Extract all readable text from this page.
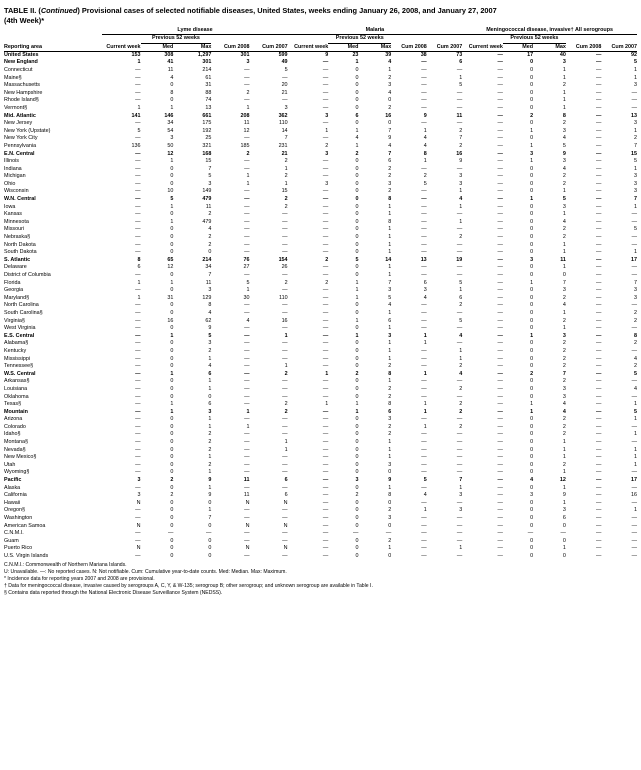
TABLE II. (Continued) Provisional cases of selected notifiable diseases, United States, weeks ending January 26, 2008, and January 27, 2007
(4th Week)*
	Lyme disease					Malaria					Meningococcal disease, invasive† All serogroups				
		Previous 52 weeks					Previous 52 weeks					Previous 52 weeks			
Reporting area	Current week	Med	Max	Cum 2008	Cum 2007	Current week	Med	Max	Cum 2008	Cum 2007	Current week	Med	Max	Cum 2008	Cum 2007
United States	153	308	1,297	301	599	9	23	39	38	73	—	17	40	—	92
New England	1	41	301	3	49	—	1	4	—	6	—	0	3	—	5
Connecticut	—	11	214	—	5	—	0	1	—	—	—	0	1	—	1
Maine§	—	4	61	—	—	—	0	2	—	1	—	0	1	—	1
Massachusetts	—	0	31	—	20	—	0	3	—	5	—	0	2	—	3
New Hampshire	—	8	88	2	21	—	0	4	—	—	—	0	1	—	—
Rhode Island§	—	0	74	—	—	—	0	0	—	—	—	0	1	—	—
Vermont§	1	1	13	1	3	—	0	2	—	—	—	0	1	—	—
Mid. Atlantic	141	146	661	208	362	3	6	16	9	11	—	2	8	—	13
New Jersey	—	34	175	11	110	—	0	0	—	—	—	0	2	—	3
New York (Upstate)	5	54	192	12	14	1	1	7	1	2	—	1	3	—	1
New York City	—	3	25	—	7	—	4	9	4	7	—	0	4	—	2
Pennsylvania	136	50	321	185	231	2	1	4	4	2	—	1	5	—	7
E.N. Central	—	12	168	2	21	3	2	7	8	16	—	3	9	—	15
Illinois	—	1	15	—	2	—	0	6	1	9	—	1	3	—	5
Indiana	—	0	7	—	1	—	0	2	—	—	—	0	4	—	1
Michigan	—	0	5	1	2	—	0	2	2	3	—	0	2	—	3
Ohio	—	0	3	1	1	3	0	3	5	3	—	0	2	—	3
Wisconsin	—	10	149	—	15	—	0	2	—	1	—	0	1	—	3
W.N. Central	—	5	479	—	2	—	0	8	—	4	—	1	5	—	7
Iowa	—	1	11	—	2	—	0	1	—	1	—	0	3	—	1
Kansas	—	0	2	—	—	—	0	1	—	—	—	0	1	—	—
Minnesota	—	1	479	—	—	—	0	8	—	1	—	0	4	—	—
Missouri	—	0	4	—	—	—	0	1	—	—	—	0	2	—	5
Nebraska§	—	0	2	—	—	—	0	1	—	2	—	0	2	—	—
North Dakota	—	0	2	—	—	—	0	1	—	—	—	0	1	—	—
South Dakota	—	0	0	—	—	—	0	1	—	—	—	0	1	—	1
S. Atlantic	8	65	214	76	154	2	5	14	13	19	—	3	11	—	17
Delaware	6	12	34	27	26	—	0	1	—	—	—	0	1	—	—
District of Columbia	—	0	7	—	—	—	0	1	—	—	—	0	0	—	—
Florida	1	1	11	5	2	2	1	7	6	5	—	1	7	—	7
Georgia	—	0	3	1	—	—	1	3	3	1	—	0	3	—	3
Maryland§	1	31	129	30	110	—	1	5	4	6	—	0	2	—	3
North Carolina	—	0	8	—	—	—	0	4	—	2	—	0	4	—	—
South Carolina§	—	0	4	—	—	—	0	1	—	—	—	0	1	—	2
Virginia§	—	16	62	4	16	—	1	6	—	5	—	0	2	—	2
West Virginia	—	0	9	—	—	—	0	1	—	—	—	0	1	—	—
E.S. Central	—	1	5	—	1	—	1	3	1	4	—	1	3	—	8
Alabama§	—	0	3	—	—	—	0	1	1	—	—	0	2	—	2
Kentucky	—	0	2	—	—	—	0	1	—	1	—	0	2	—	—
Mississippi	—	0	1	—	—	—	0	1	—	1	—	0	2	—	4
Tennessee§	—	0	4	—	1	—	0	2	—	2	—	0	2	—	2
W.S. Central	—	1	6	—	2	1	2	8	1	4	—	2	7	—	5
Arkansas§	—	0	1	—	—	—	0	1	—	—	—	0	2	—	—
Louisiana	—	0	1	—	—	—	0	2	—	2	—	0	3	—	4
Oklahoma	—	0	0	—	—	—	0	2	—	—	—	0	3	—	—
Texas§	—	1	6	—	2	1	1	8	1	2	—	1	4	—	1
Mountain	—	1	3	1	2	—	1	6	1	2	—	1	4	—	5
Arizona	—	0	1	—	—	—	0	3	—	—	—	0	2	—	1
Colorado	—	0	1	1	—	—	0	2	1	2	—	0	2	—	—
Idaho§	—	0	2	—	—	—	0	2	—	—	—	0	2	—	1
Montana§	—	0	2	—	1	—	0	1	—	—	—	0	1	—	—
Nevada§	—	0	2	—	1	—	0	1	—	—	—	0	1	—	1
New Mexico§	—	0	1	—	—	—	0	1	—	—	—	0	1	—	1
Utah	—	0	2	—	—	—	0	3	—	—	—	0	2	—	1
Wyoming§	—	0	1	—	—	—	0	0	—	—	—	0	1	—	—
Pacific	3	2	9	11	6	—	3	9	5	7	—	4	12	—	17
Alaska	—	0	1	—	—	—	0	1	—	1	—	0	1	—	—
California	3	2	9	11	6	—	2	8	4	3	—	3	9	—	16
Hawaii	N	0	0	N	N	—	0	0	—	—	—	0	1	—	—
Oregon§	—	0	1	—	—	—	0	2	1	3	—	0	3	—	1
Washington	—	0	7	—	—	—	0	3	—	—	—	0	6	—	—
American Samoa	N	0	0	N	N	—	0	0	—	—	—	0	0	—	—
C.N.M.I.	—	—	—	—	—	—	—	—	—	—	—	—	—	—	—
Guam	—	0	0	—	—	—	0	2	—	—	—	0	0	—	—
Puerto Rico	N	0	0	N	N	—	0	1	—	1	—	0	1	—	—
U.S. Virgin Islands	—	0	0	—	—	—	0	0	—	—	—	0	0	—	—
C.N.M.I.: Commonwealth of Northern Mariana Islands.
U: Unavailable. —: No reported cases. N: Not notifiable. Cum: Cumulative year-to-date counts. Med: Median. Max: Maximum.
* Incidence data for reporting years 2007 and 2008 are provisional.
† Data for meningococcal disease, invasive caused by serogroups A, C, Y, & W-135; serogroup B; other serogroup; and unknown serogroup are available in Table I.
§ Contains data reported through the National Electronic Disease Surveillance System (NEDSS).
